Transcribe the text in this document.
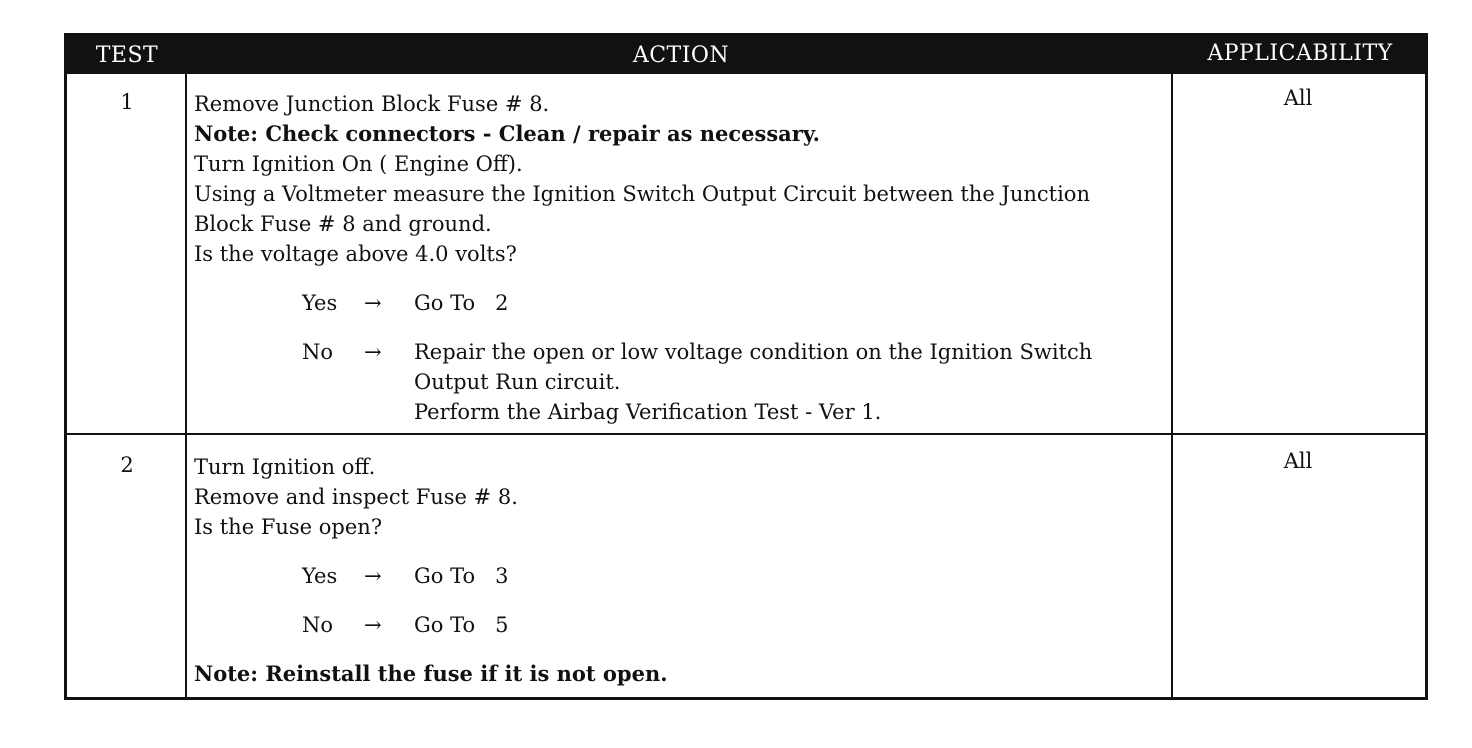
TEST	ACTION	APPLICABILITY
1	Remove Junction Block Fuse # 8.
Note: Check connectors - Clean / repair as necessary.
Turn Ignition On ( Engine Off).
Using a Voltmeter measure the Ignition Switch Output Circuit between the Junction
Block Fuse # 8 and ground.
Is the voltage above 4.0 volts?
Yes	→	Go To   2
No	→	Repair the open or low voltage condition on the Ignition Switch
Output Run circuit.
Perform the Airbag Verification Test - Ver 1.
All
2	Turn Ignition off.
Remove and inspect Fuse # 8.
Is the Fuse open?
Yes	→	Go To   3
No	→	Go To   5
Note: Reinstall the fuse if it is not open.
All
